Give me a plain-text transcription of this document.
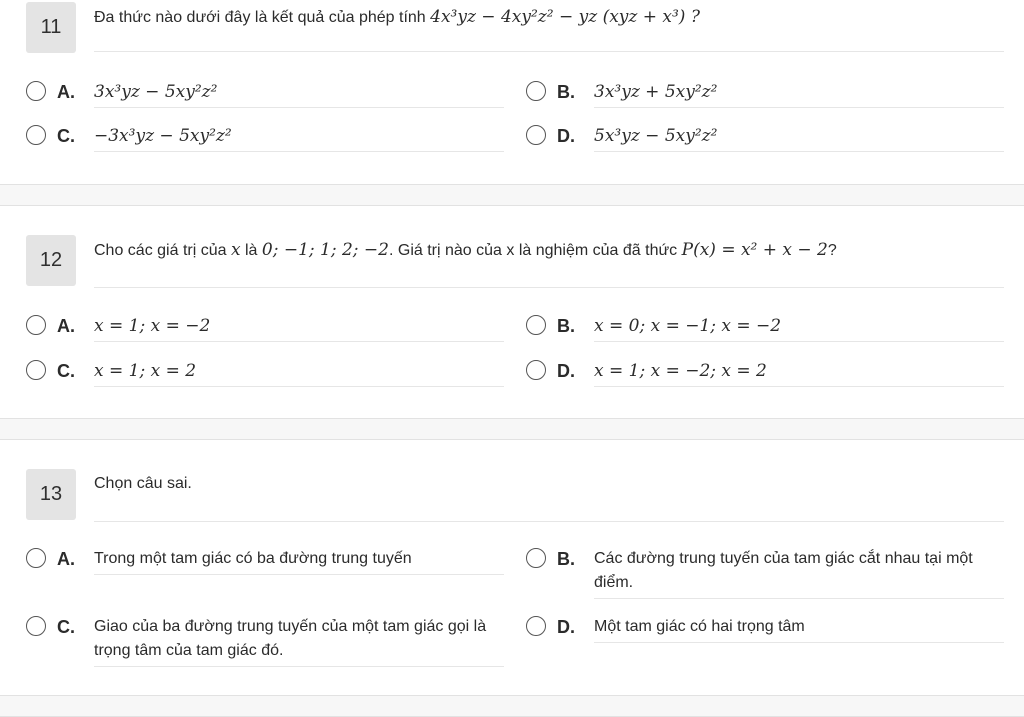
11	Đa thức nào dưới đây là kết quả của phép tính 4x³yz − 4xy²z² − yz (xyz + x³) ?
A. 3x³yz − 5xy²z²	B. 3x³yz + 5xy²z²
C. −3x³yz − 5xy²z²	D. 5x³yz − 5xy²z²
12	Cho các giá trị của x là 0; −1; 1; 2; −2. Giá trị nào của x là nghiệm của đã thức P(x) = x² + x − 2?
A. x = 1; x = −2	B. x = 0; x = −1; x = −2
C. x = 1; x = 2	D. x = 1; x = −2; x = 2
13	Chọn câu sai.
A. Trong một tam giác có ba đường trung tuyến	B. Các đường trung tuyến của tam giác cắt nhau tại một điểm.
C. Giao của ba đường trung tuyến của một tam giác gọi là trọng tâm của tam giác đó.
D. Một tam giác có hai trọng tâm
